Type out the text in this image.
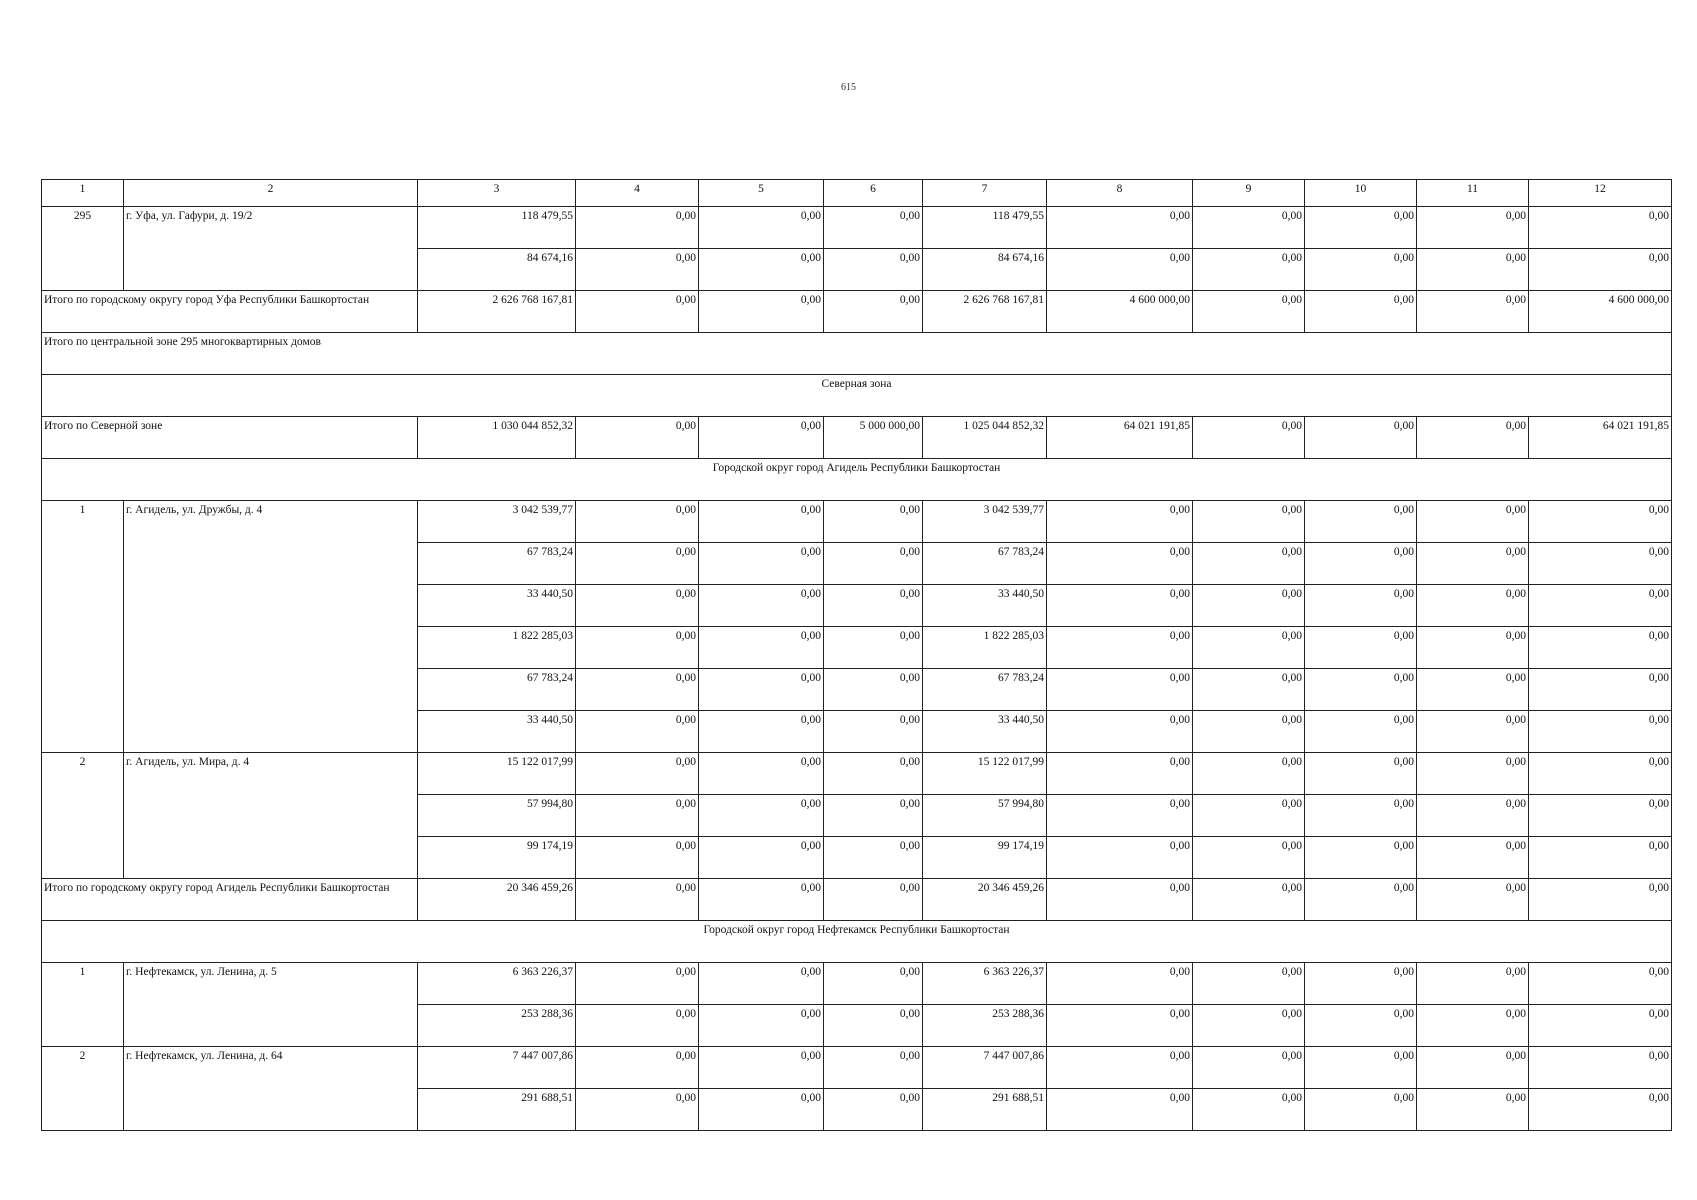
615
1	2	3	4	5	6	7	8	9	10	11	12
295	г. Уфа, ул. Гафури, д. 19/2	118 479,55	0,00	0,00	0,00	118 479,55	0,00	0,00	0,00	0,00	0,00
		84 674,16	0,00	0,00	0,00	84 674,16	0,00	0,00	0,00	0,00	0,00
Итого по городскому округу город Уфа Республики Башкортостан		2 626 768 167,81	0,00	0,00	0,00	2 626 768 167,81	4 600 000,00	0,00	0,00	0,00	4 600 000,00
Итого по центральной зоне 295 многоквартирных домов											
Северная зона											
Итого по Северной зоне		1 030 044 852,32	0,00	0,00	5 000 000,00	1 025 044 852,32	64 021 191,85	0,00	0,00	0,00	64 021 191,85
Городской округ город Агидель Республики Башкортостан											
1	г. Агидель, ул. Дружбы, д. 4	3 042 539,77	0,00	0,00	0,00	3 042 539,77	0,00	0,00	0,00	0,00	0,00
		67 783,24	0,00	0,00	0,00	67 783,24	0,00	0,00	0,00	0,00	0,00
		33 440,50	0,00	0,00	0,00	33 440,50	0,00	0,00	0,00	0,00	0,00
		1 822 285,03	0,00	0,00	0,00	1 822 285,03	0,00	0,00	0,00	0,00	0,00
		67 783,24	0,00	0,00	0,00	67 783,24	0,00	0,00	0,00	0,00	0,00
		33 440,50	0,00	0,00	0,00	33 440,50	0,00	0,00	0,00	0,00	0,00
2	г. Агидель, ул. Мира, д. 4	15 122 017,99	0,00	0,00	0,00	15 122 017,99	0,00	0,00	0,00	0,00	0,00
		57 994,80	0,00	0,00	0,00	57 994,80	0,00	0,00	0,00	0,00	0,00
		99 174,19	0,00	0,00	0,00	99 174,19	0,00	0,00	0,00	0,00	0,00
Итого по городскому округу город Агидель Республики Башкортостан		20 346 459,26	0,00	0,00	0,00	20 346 459,26	0,00	0,00	0,00	0,00	0,00
Городской округ город Нефтекамск Республики Башкортостан											
1	г. Нефтекамск, ул. Ленина, д. 5	6 363 226,37	0,00	0,00	0,00	6 363 226,37	0,00	0,00	0,00	0,00	0,00
		253 288,36	0,00	0,00	0,00	253 288,36	0,00	0,00	0,00	0,00	0,00
2	г. Нефтекамск, ул. Ленина, д. 64	7 447 007,86	0,00	0,00	0,00	7 447 007,86	0,00	0,00	0,00	0,00	0,00
		291 688,51	0,00	0,00	0,00	291 688,51	0,00	0,00	0,00	0,00	0,00
